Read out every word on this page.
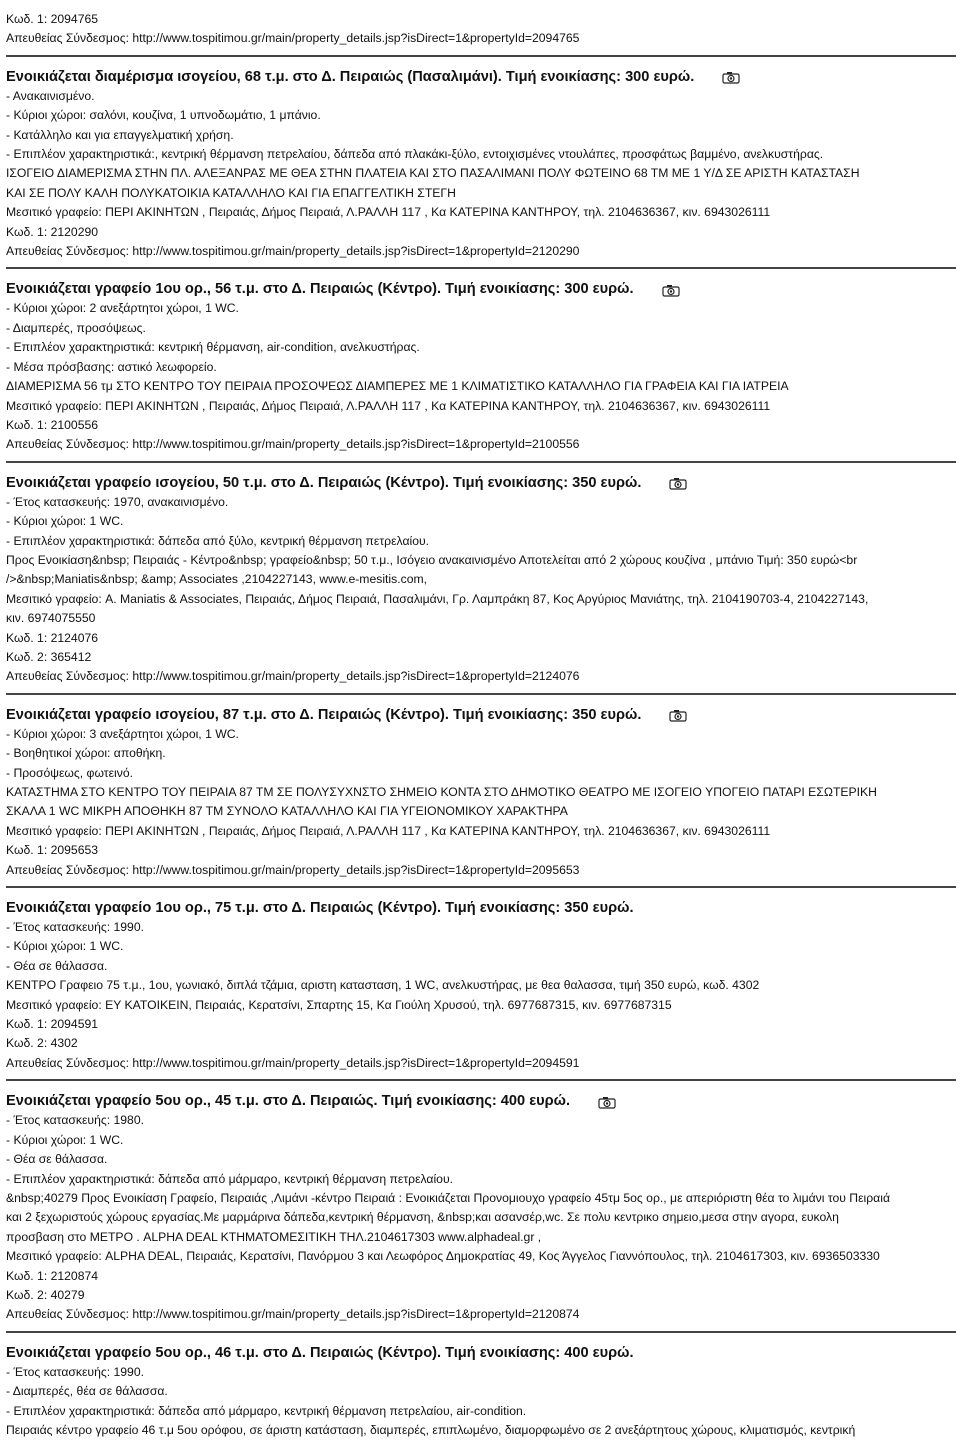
Κωδ. 1: 2094765
Απευθείας Σύνδεσμος: http://www.tospitimou.gr/main/property_details.jsp?isDirect=1&propertyId=2094765
Ενοικιάζεται διαμέρισμα ισογείου, 68 τ.μ. στο Δ. Πειραιώς (Πασαλιμάνι). Τιμή ενοικίασης: 300 ευρώ.
- Ανακαινισμένο.
- Κύριοι χώροι: σαλόνι, κουζίνα, 1 υπνοδωμάτιο, 1 μπάνιο.
- Κατάλληλο και για επαγγελματική χρήση.
- Επιπλέον χαρακτηριστικά:, κεντρική θέρμανση πετρελαίου, δάπεδα από πλακάκι-ξύλο, εντοιχισμένες ντουλάπες, προσφάτως βαμμένο, ανελκυστήρας.
ΙΣΟΓΕΙΟ ΔΙΑΜΕΡΙΣΜΑ ΣΤΗΝ ΠΛ. ΑΛΕΞΑΝΡΑΣ ΜΕ ΘΕΑ ΣΤΗΝ ΠΛΑΤΕΙΑ ΚΑΙ ΣΤΟ ΠΑΣΑΛΙΜΑΝΙ ΠΟΛΥ ΦΩΤΕΙΝΟ 68 ΤΜ ΜΕ 1 Υ/Δ ΣΕ ΑΡΙΣΤΗ ΚΑΤΑΣΤΑΣΗ
ΚΑΙ ΣΕ ΠΟΛΥ ΚΑΛΗ ΠΟΛΥΚΑΤΟΙΚΙΑ ΚΑΤΑΛΛΗΛΟ ΚΑΙ ΓΙΑ ΕΠΑΓΓΕΛΤΙΚΗ ΣΤΕΓΗ
Μεσιτικό γραφείο: ΠΕΡΙ ΑΚΙΝΗΤΩΝ , Πειραιάς, Δήμος Πειραιά, Λ.ΡΑΛΛΗ 117 , Κα ΚΑΤΕΡΙΝΑ ΚΑΝΤΗΡΟΥ, τηλ. 2104636367, κιν. 6943026111
Κωδ. 1: 2120290
Απευθείας Σύνδεσμος: http://www.tospitimou.gr/main/property_details.jsp?isDirect=1&propertyId=2120290
Ενοικιάζεται γραφείο 1ου ορ., 56 τ.μ. στο Δ. Πειραιώς (Κέντρο). Τιμή ενοικίασης: 300 ευρώ.
- Κύριοι χώροι: 2 ανεξάρτητοι χώροι, 1 WC.
- Διαμπερές, προσόψεως.
- Επιπλέον χαρακτηριστικά: κεντρική θέρμανση, air-condition, ανελκυστήρας.
- Μέσα πρόσβασης: αστικό λεωφορείο.
ΔΙΑΜΕΡΙΣΜΑ 56 τμ ΣΤΟ ΚΕΝΤΡΟ ΤΟΥ ΠΕΙΡΑΙΑ ΠΡΟΣΟΨΕΩΣ ΔΙΑΜΠΕΡΕΣ ΜΕ 1 ΚΛΙΜΑΤΙΣΤΙΚΟ ΚΑΤΑΛΛΗΛΟ ΓΙΑ ΓΡΑΦΕΙΑ ΚΑΙ ΓΙΑ ΙΑΤΡΕΙΑ
Μεσιτικό γραφείο: ΠΕΡΙ ΑΚΙΝΗΤΩΝ , Πειραιάς, Δήμος Πειραιά, Λ.ΡΑΛΛΗ 117 , Κα ΚΑΤΕΡΙΝΑ ΚΑΝΤΗΡΟΥ, τηλ. 2104636367, κιν. 6943026111
Κωδ. 1: 2100556
Απευθείας Σύνδεσμος: http://www.tospitimou.gr/main/property_details.jsp?isDirect=1&propertyId=2100556
Ενοικιάζεται γραφείο ισογείου, 50 τ.μ. στο Δ. Πειραιώς (Κέντρο). Τιμή ενοικίασης: 350 ευρώ.
- Έτος κατασκευής: 1970, ανακαινισμένο.
- Κύριοι χώροι: 1 WC.
- Επιπλέον χαρακτηριστικά: δάπεδα από ξύλο, κεντρική θέρμανση πετρελαίου.
Προς Ενοικίαση&nbsp; Πειραιάς - Κέντρο&nbsp; γραφείο&nbsp; 50 τ.μ., Ισόγειο ανακαινισμένο Αποτελείται από 2 χώρους κουζίνα , μπάνιο Τιμή: 350 ευρώ<br
/>&nbsp;Maniatis&nbsp; &amp; Associates ,2104227143, www.e-mesitis.com,
Μεσιτικό γραφείο: A. Maniatis & Associates, Πειραιάς, Δήμος Πειραιά, Πασαλιμάνι, Γρ. Λαμπράκη 87, Κος Αργύριος Μανιάτης, τηλ. 2104190703-4, 2104227143,
κιν. 6974075550
Κωδ. 1: 2124076
Κωδ. 2: 365412
Απευθείας Σύνδεσμος: http://www.tospitimou.gr/main/property_details.jsp?isDirect=1&propertyId=2124076
Ενοικιάζεται γραφείο ισογείου, 87 τ.μ. στο Δ. Πειραιώς (Κέντρο). Τιμή ενοικίασης: 350 ευρώ.
- Κύριοι χώροι: 3 ανεξάρτητοι χώροι, 1 WC.
- Βοηθητικοί χώροι: αποθήκη.
- Προσόψεως, φωτεινό.
ΚΑΤΑΣΤΗΜΑ ΣΤΟ ΚΕΝΤΡΟ ΤΟΥ ΠΕΙΡΑΙΑ 87 ΤΜ ΣΕ ΠΟΛΥΣΥΧΝΣΤΟ ΣΗΜΕΙΟ ΚΟΝΤΑ ΣΤΟ ΔΗΜΟΤΙΚΟ ΘΕΑΤΡΟ ΜΕ ΙΣΟΓΕΙΟ ΥΠΟΓΕΙΟ ΠΑΤΑΡΙ ΕΣΩΤΕΡΙΚΗ
ΣΚΑΛΑ 1 WC ΜΙΚΡΗ ΑΠΟΘΗΚΗ 87 ΤΜ ΣΥΝΟΛΟ ΚΑΤΑΛΛΗΛΟ ΚΑΙ ΓΙΑ ΥΓΕΙΟΝΟΜΙΚΟΥ ΧΑΡΑΚΤΗΡΑ
Μεσιτικό γραφείο: ΠΕΡΙ ΑΚΙΝΗΤΩΝ , Πειραιάς, Δήμος Πειραιά, Λ.ΡΑΛΛΗ 117 , Κα ΚΑΤΕΡΙΝΑ ΚΑΝΤΗΡΟΥ, τηλ. 2104636367, κιν. 6943026111
Κωδ. 1: 2095653
Απευθείας Σύνδεσμος: http://www.tospitimou.gr/main/property_details.jsp?isDirect=1&propertyId=2095653
Ενοικιάζεται γραφείο 1ου ορ., 75 τ.μ. στο Δ. Πειραιώς (Κέντρο). Τιμή ενοικίασης: 350 ευρώ.
- Έτος κατασκευής: 1990.
- Κύριοι χώροι: 1 WC.
- Θέα σε θάλασσα.
ΚΕΝΤΡΟ Γραφειο 75 τ.μ., 1ου, γωνιακό, διπλά τζάμια, αριστη κατασταση, 1 WC, ανελκυστήρας, με θεα θαλασσα, τιμή 350 ευρώ, κωδ. 4302
Μεσιτικό γραφείο: ΕΥ ΚΑΤΟΙΚΕΙΝ, Πειραιάς, Κερατσίνι, Σπαρτης 15, Κα Γιούλη Χρυσού, τηλ. 6977687315, κιν. 6977687315
Κωδ. 1: 2094591
Κωδ. 2: 4302
Απευθείας Σύνδεσμος: http://www.tospitimou.gr/main/property_details.jsp?isDirect=1&propertyId=2094591
Ενοικιάζεται γραφείο 5ου ορ., 45 τ.μ. στο Δ. Πειραιώς. Τιμή ενοικίασης: 400 ευρώ.
- Έτος κατασκευής: 1980.
- Κύριοι χώροι: 1 WC.
- Θέα σε θάλασσα.
- Επιπλέον χαρακτηριστικά: δάπεδα από μάρμαρο, κεντρική θέρμανση πετρελαίου.
&nbsp;40279 Προς Ενοικίαση Γραφείο, Πειραιάς ,Λιμάνι -κέντρο Πειραιά : Ενοικιάζεται Προνομιουχο γραφείο 45τμ 5ος ορ., με απεριόριστη θέα το λιμάνι του Πειραιά
και 2 ξεχωριστούς χώρους εργασίας.Με μαρμάρινα δάπεδα,κεντρική θέρμανση, &nbsp;και ασανσέρ,wc. Σε πολυ κεντρικο σημειο,μεσα στην αγορα, ευκολη
προσβαση στο ΜΕΤΡΟ . ALPHA DEAL ΚΤΗΜΑΤΟΜΕΣΙΤΙΚΗ ΤΗΛ.2104617303 www.alphadeal.gr ,
Μεσιτικό γραφείο: ALPHA DEAL, Πειραιάς, Κερατσίνι, Πανόρμου 3 και Λεωφόρος Δημοκρατίας 49, Κος Άγγελος Γιαννόπουλος, τηλ. 2104617303, κιν. 6936503330
Κωδ. 1: 2120874
Κωδ. 2: 40279
Απευθείας Σύνδεσμος: http://www.tospitimou.gr/main/property_details.jsp?isDirect=1&propertyId=2120874
Ενοικιάζεται γραφείο 5ου ορ., 46 τ.μ. στο Δ. Πειραιώς (Κέντρο). Τιμή ενοικίασης: 400 ευρώ.
- Έτος κατασκευής: 1990.
- Διαμπερές, θέα σε θάλασσα.
- Επιπλέον χαρακτηριστικά: δάπεδα από μάρμαρο, κεντρική θέρμανση πετρελαίου, air-condition.
Πειραιάς κέντρο γραφείο 46 τ.μ 5ου ορόφου, σε άριστη κατάσταση, διαμπερές, επιπλωμένο, διαμορφωμένο σε 2 ανεξάρτητους χώρους, κλιματισμός, κεντρική
